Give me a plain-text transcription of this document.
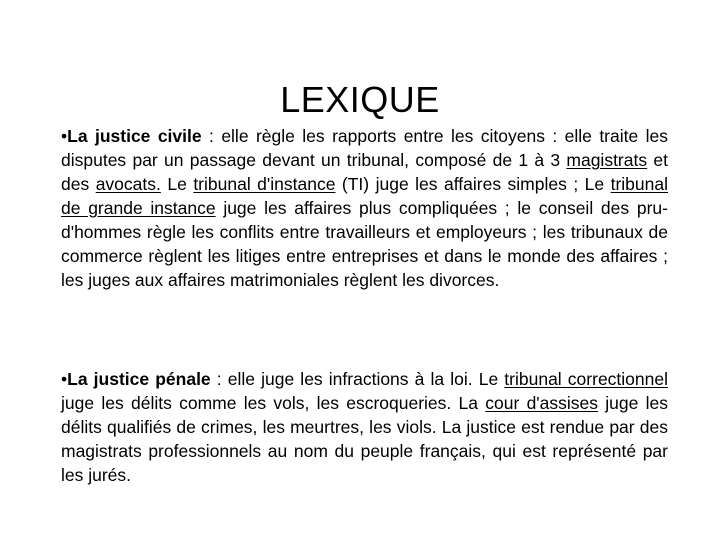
LEXIQUE

•La justice civile : elle règle les rapports entre les citoyens : elle traite les disputes par un passage devant un tribunal, composé de 1 à 3 magistrats et des avocats. Le tribunal d'instance (TI) juge les affaires simples ; Le tribunal de grande instance juge les affaires plus compliquées ; le conseil des pru-d'hommes règle les conflits entre travailleurs et employeurs ; les tribunaux de commerce règlent les litiges entre entreprises et dans le monde des affaires ; les juges aux affaires matrimoniales règlent les divorces.

•La justice pénale : elle juge les infractions à la loi. Le tribunal correctionnel juge les délits comme les vols, les escroqueries. La cour d'assises juge les délits qualifiés de crimes, les meurtres, les viols. La justice est rendue par des magistrats professionnels au nom du peuple français, qui est représenté par les jurés.
